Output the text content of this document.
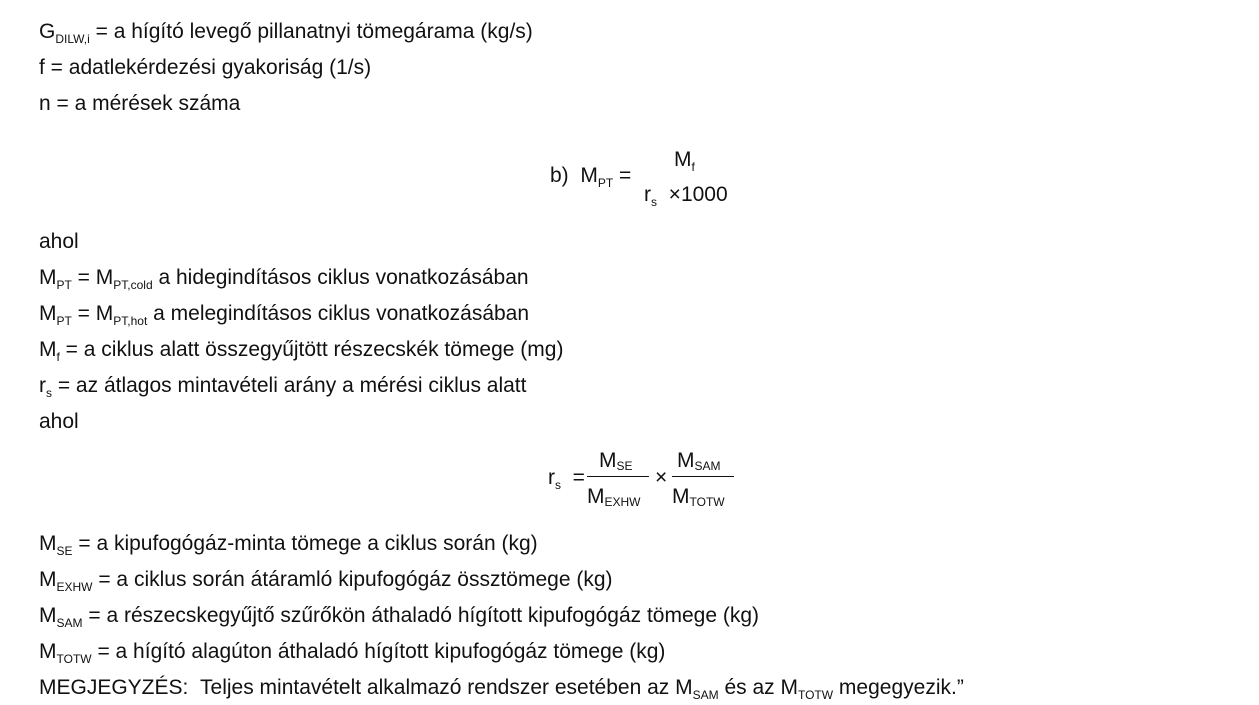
$G_{DILW,i} = a$ hígító levegő pillanatnyi tömegárama (kg/s)
f = adatlekérdezési gyakoriság (1/s)
n = a mérések száma
b) $M_{PT}$ =
$M_f$
$r_s \times 1000$
ahol
$M_{PT} = M_{PT,cold}$ a hidegindításos ciklus vonatkozásában
$M_{PT} = M_{PT,hot}$ a melegindításos ciklus vonatkozásában
$M_f = a$ ciklus alatt összegyűjtött részecskék tömege (mg)
$r_s$ = az átlagos mintavételi arány a mérési ciklus alatt
ahol
$r_s$ =
MSE
MEXHW
×
MSAM
MTOTW
$M_{SE} = a$ kipufogógáz-minta tömege a ciklus során (kg)
$M_{EXHW} = a$ ciklus során átáramló kipufogógáz össztömege (kg)
$M_{SAM} = a$ részecskegyűjtő szűrőkön áthaladó hígított kipufogógáz tömege (kg)
$M_{TOTW} = a$ hígító alagúton áthaladó hígított kipufogógáz tömege (kg)
MEGJEGYZÉS: Teljes mintavételt alkalmazó rendszer esetében az $M_{SAM}$ és az $M_{TOTW}$ megegyezik.”
